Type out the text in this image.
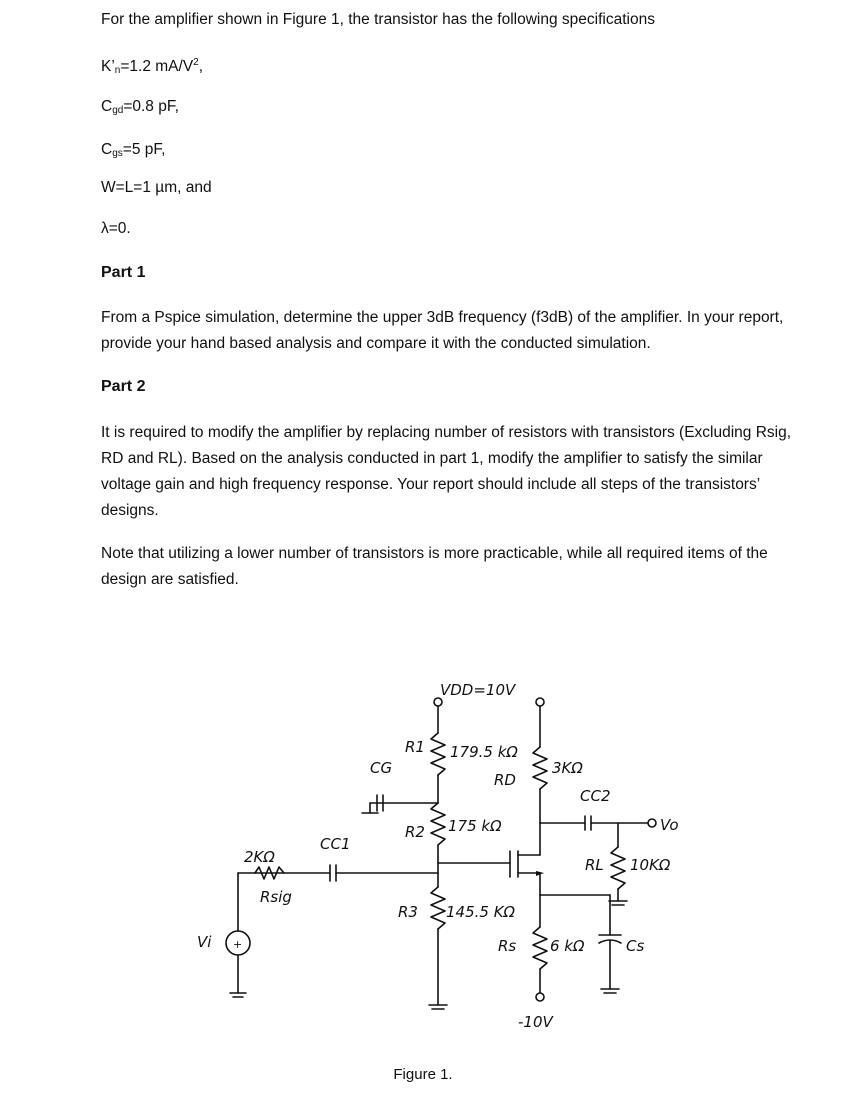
For the amplifier shown in Figure 1, the transistor has the following specifications

$K’_n=1.2$ $mA/V^2$,

$C_{gd}=0.8$ pF,

$C_{gs}=5$ pF,

W=L=1 µm, and

λ=0.

Part 1

From a Pspice simulation, determine the upper 3dB frequency (f3dB) of the amplifier. In your report, provide your hand based analysis and compare it with the conducted simulation.

Part 2

It is required to modify the amplifier by replacing number of resistors with transistors (Excluding Rsig, RD and RL). Based on the analysis conducted in part 1, modify the amplifier to satisfy the similar voltage gain and high frequency response. Your report should include all steps of the transistors’ designs.

Note that utilizing a lower number of transistors is more practicable, while all required items of the design are satisfied.

+
VDD=10V
R1 179.5 kΩ
CG
RD
3KΩ
CC2
Vo
R2 175 kΩ
CC1
2KΩ
Rsig
RL 10KΩ
R3 145.5 KΩ
Vi	Rs 6 kΩ	Cs
-10V
Figure 1.
